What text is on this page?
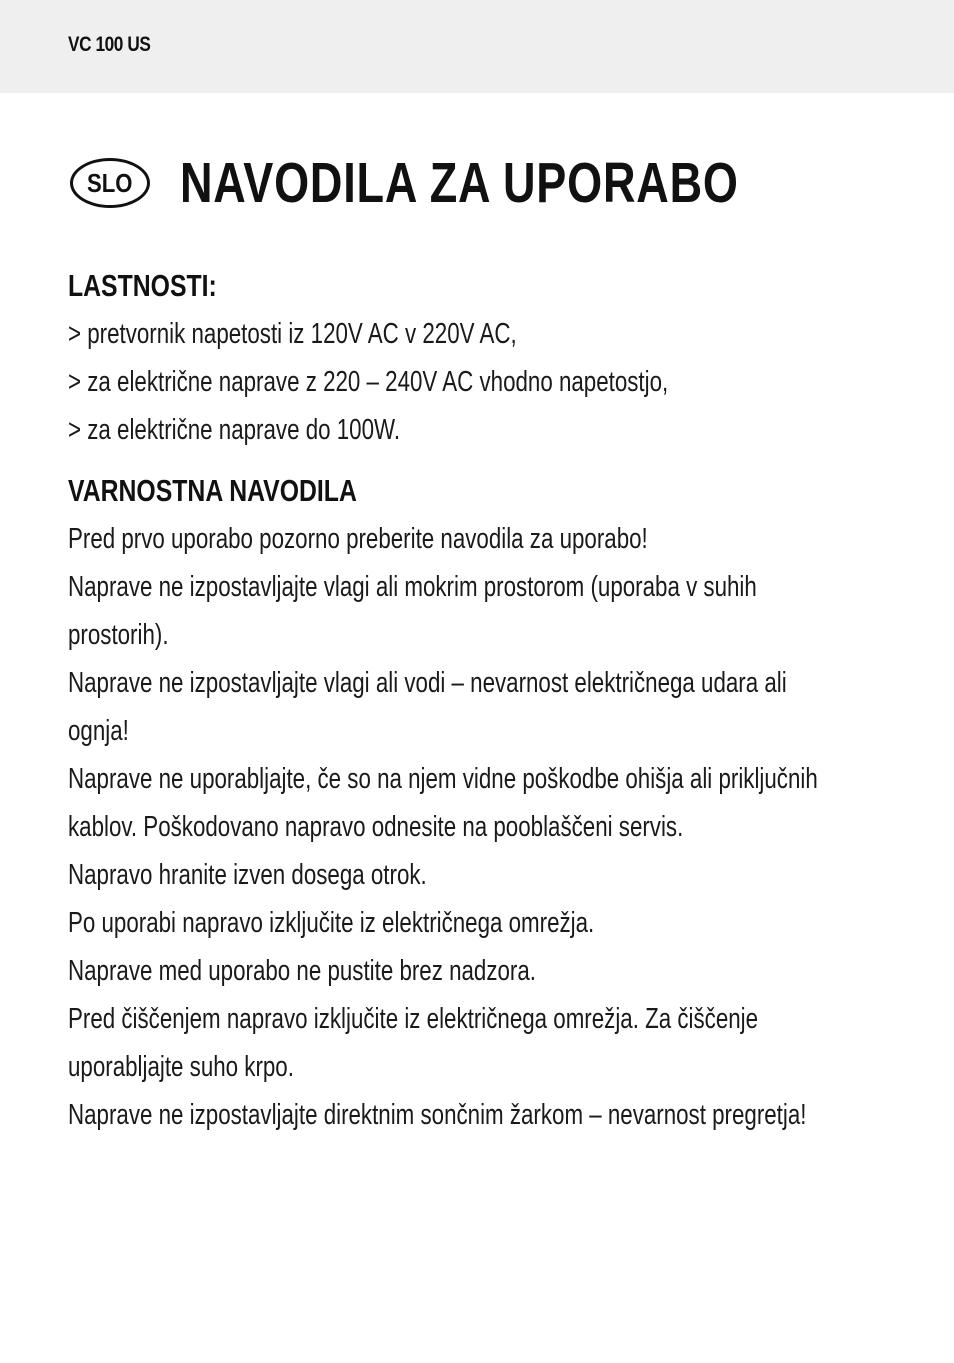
VC 100 US
SLO NAVODILA ZA UPORABO
LASTNOSTI:
> pretvornik napetosti iz 120V AC v 220V AC,
> za električne naprave z 220 – 240V AC vhodno napetostjo,
> za električne naprave do 100W.
VARNOSTNA NAVODILA
Pred prvo uporabo pozorno preberite navodila za uporabo!
Naprave ne izpostavljajte vlagi ali mokrim prostorom (uporaba v suhih
prostorih).
Naprave ne izpostavljajte vlagi ali vodi – nevarnost električnega udara ali
ognja!
Naprave ne uporabljajte, če so na njem vidne poškodbe ohišja ali priključnih
kablov. Poškodovano napravo odnesite na pooblaščeni servis.
Napravo hranite izven dosega otrok.
Po uporabi napravo izključite iz električnega omrežja.
Naprave med uporabo ne pustite brez nadzora.
Pred čiščenjem napravo izključite iz električnega omrežja. Za čiščenje
uporabljajte suho krpo.
Naprave ne izpostavljajte direktnim sončnim žarkom – nevarnost pregretja!
